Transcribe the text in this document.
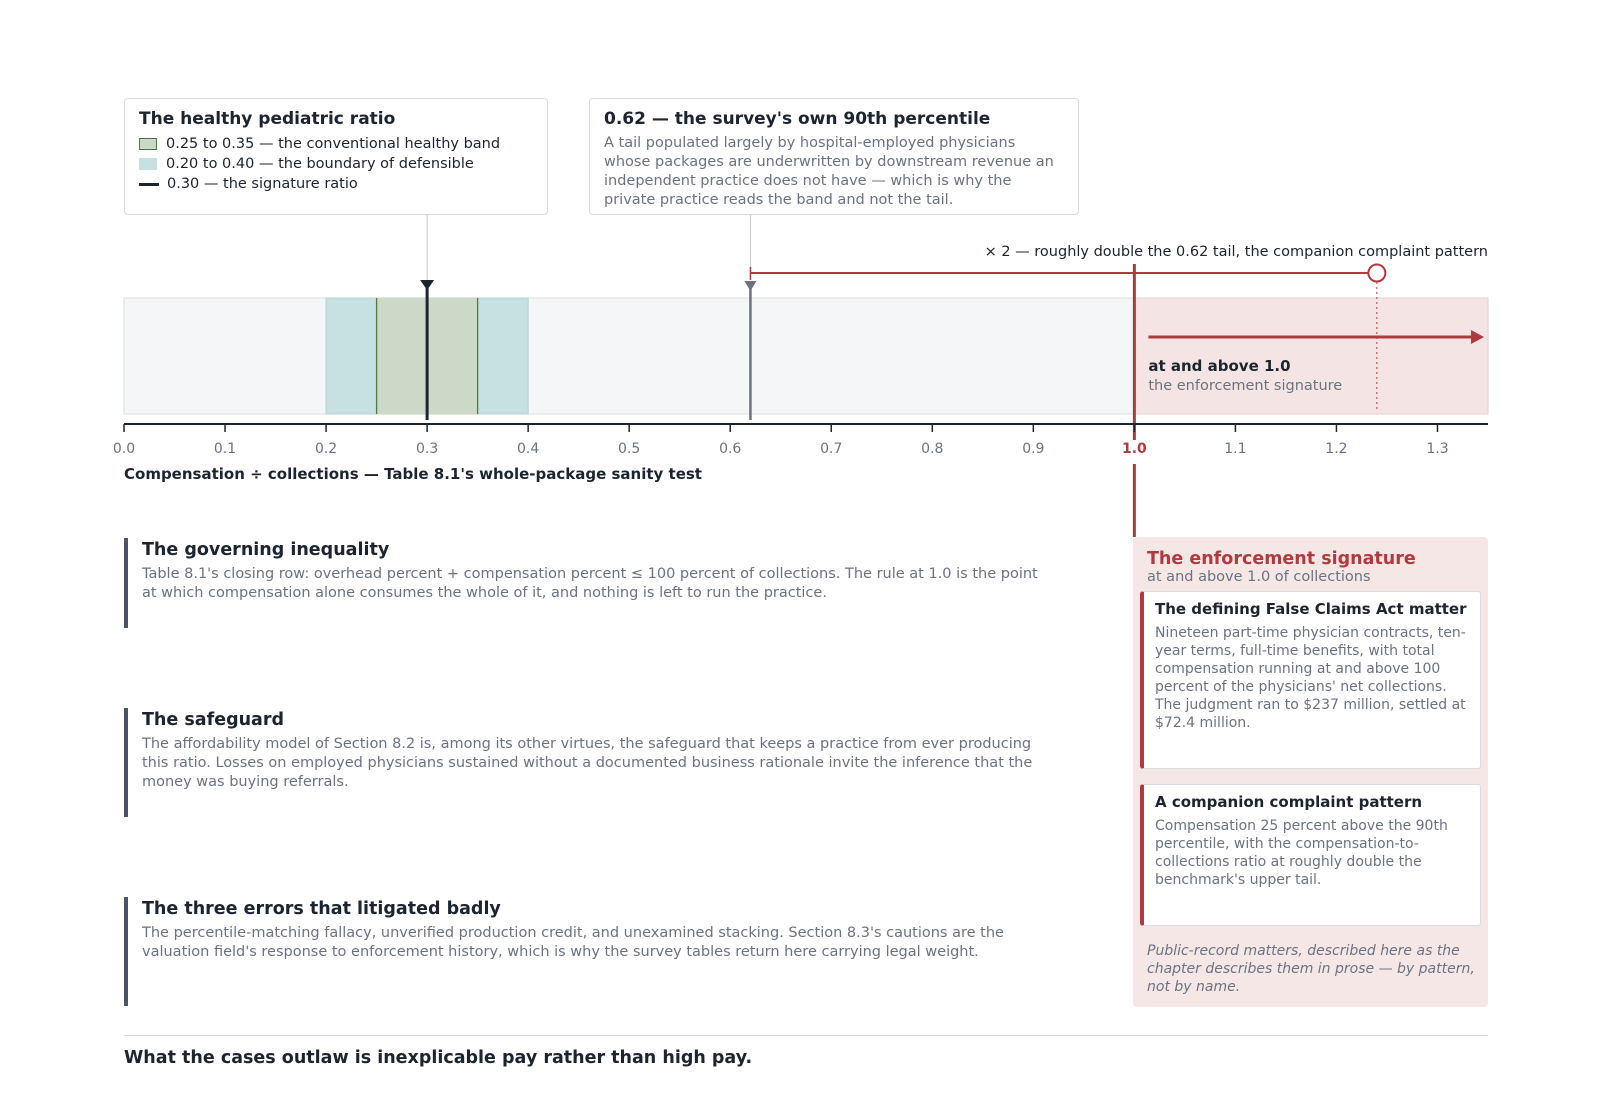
The healthy pediatric ratio
0.25 to 0.35 — the conventional healthy band
0.20 to 0.40 — the boundary of defensible
0.30 — the signature ratio
0.62 — the survey's own 90th percentile
A tail populated largely by hospital-employed physicians whose packages are underwritten by downstream revenue an independent practice does not have — which is why the private practice reads the band and not the tail.
× 2 — roughly double the 0.62 tail, the companion complaint pattern
at and above 1.0
the enforcement signature
0.0	0.1	0.2	0.3	0.4	0.5	0.6	0.7	0.8	0.9	1.0	1.1	1.2	1.3
Compensation ÷ collections — Table 8.1's whole-package sanity test
The governing inequality
Table 8.1's closing row: overhead percent + compensation percent ≤ 100 percent of collections. The rule at 1.0 is the point at which compensation alone consumes the whole of it, and nothing is left to run the practice.
The safeguard
The affordability model of Section 8.2 is, among its other virtues, the safeguard that keeps a practice from ever producing this ratio. Losses on employed physicians sustained without a documented business rationale invite the inference that the money was buying referrals.
The three errors that litigated badly
The percentile-matching fallacy, unverified production credit, and unexamined stacking. Section 8.3's cautions are the valuation field's response to enforcement history, which is why the survey tables return here carrying legal weight.
The enforcement signature
at and above 1.0 of collections
The defining False Claims Act matter
Nineteen part-time physician contracts, ten-year terms, full-time benefits, with total compensation running at and above 100 percent of the physicians' net collections. The judgment ran to $237 million, settled at $72.4 million.
A companion complaint pattern
Compensation 25 percent above the 90th percentile, with the compensation-to-collections ratio at roughly double the benchmark's upper tail.
Public-record matters, described here as the chapter describes them in prose — by pattern, not by name.
What the cases outlaw is inexplicable pay rather than high pay.
